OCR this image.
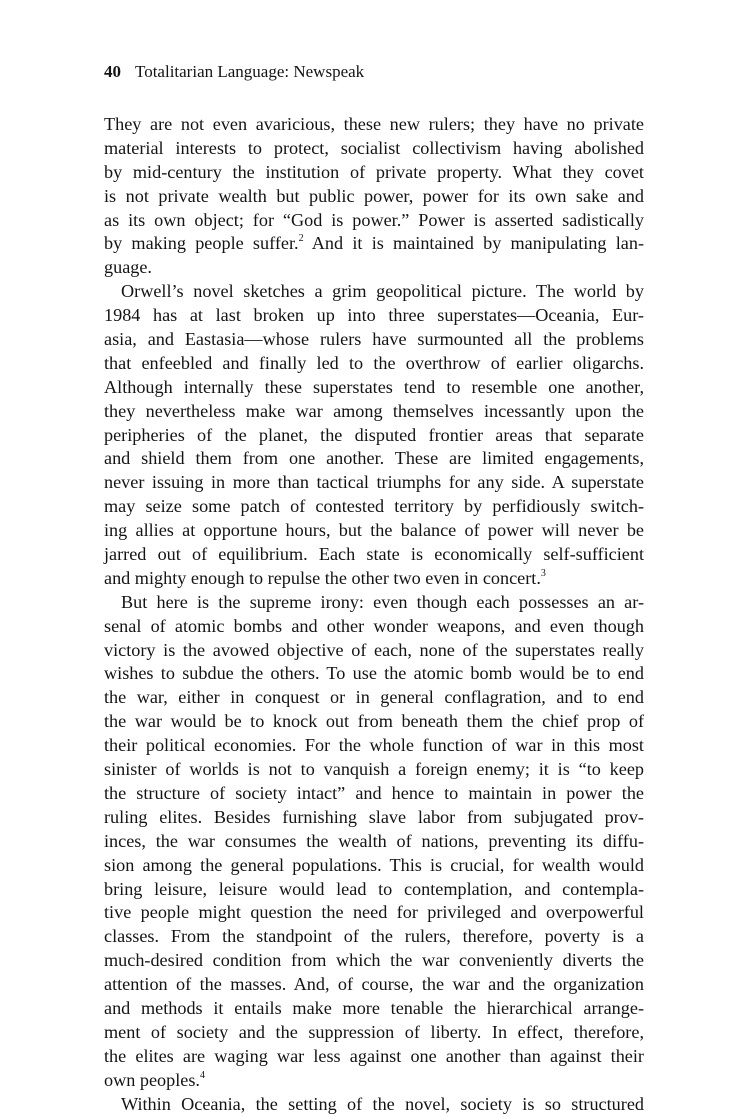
40 Totalitarian Language: Newspeak
They are not even avaricious, these new rulers; they have no private
material interests to protect, socialist collectivism having abolished
by mid-century the institution of private property. What they covet
is not private wealth but public power, power for its own sake and
as its own object; for “God is power.” Power is asserted sadistically
by making people suffer.$^2$ And it is maintained by manipulating lan-
guage.
Orwell’s novel sketches a grim geopolitical picture. The world by
1984 has at last broken up into three superstates—Oceania, Eur-
asia, and Eastasia—whose rulers have surmounted all the problems
that enfeebled and finally led to the overthrow of earlier oligarchs.
Although internally these superstates tend to resemble one another,
they nevertheless make war among themselves incessantly upon the
peripheries of the planet, the disputed frontier areas that separate
and shield them from one another. These are limited engagements,
never issuing in more than tactical triumphs for any side. A superstate
may seize some patch of contested territory by perfidiously switch-
ing allies at opportune hours, but the balance of power will never be
jarred out of equilibrium. Each state is economically self-sufficient
and mighty enough to repulse the other two even in concert.$^3$
But here is the supreme irony: even though each possesses an ar-
senal of atomic bombs and other wonder weapons, and even though
victory is the avowed objective of each, none of the superstates really
wishes to subdue the others. To use the atomic bomb would be to end
the war, either in conquest or in general conflagration, and to end
the war would be to knock out from beneath them the chief prop of
their political economies. For the whole function of war in this most
sinister of worlds is not to vanquish a foreign enemy; it is “to keep
the structure of society intact” and hence to maintain in power the
ruling elites. Besides furnishing slave labor from subjugated prov-
inces, the war consumes the wealth of nations, preventing its diffu-
sion among the general populations. This is crucial, for wealth would
bring leisure, leisure would lead to contemplation, and contempla-
tive people might question the need for privileged and overpowerful
classes. From the standpoint of the rulers, therefore, poverty is a
much-desired condition from which the war conveniently diverts the
attention of the masses. And, of course, the war and the organization
and methods it entails make more tenable the hierarchical arrange-
ment of society and the suppression of liberty. In effect, therefore,
the elites are waging war less against one another than against their
own peoples.$^4$
Within Oceania, the setting of the novel, society is so structured
